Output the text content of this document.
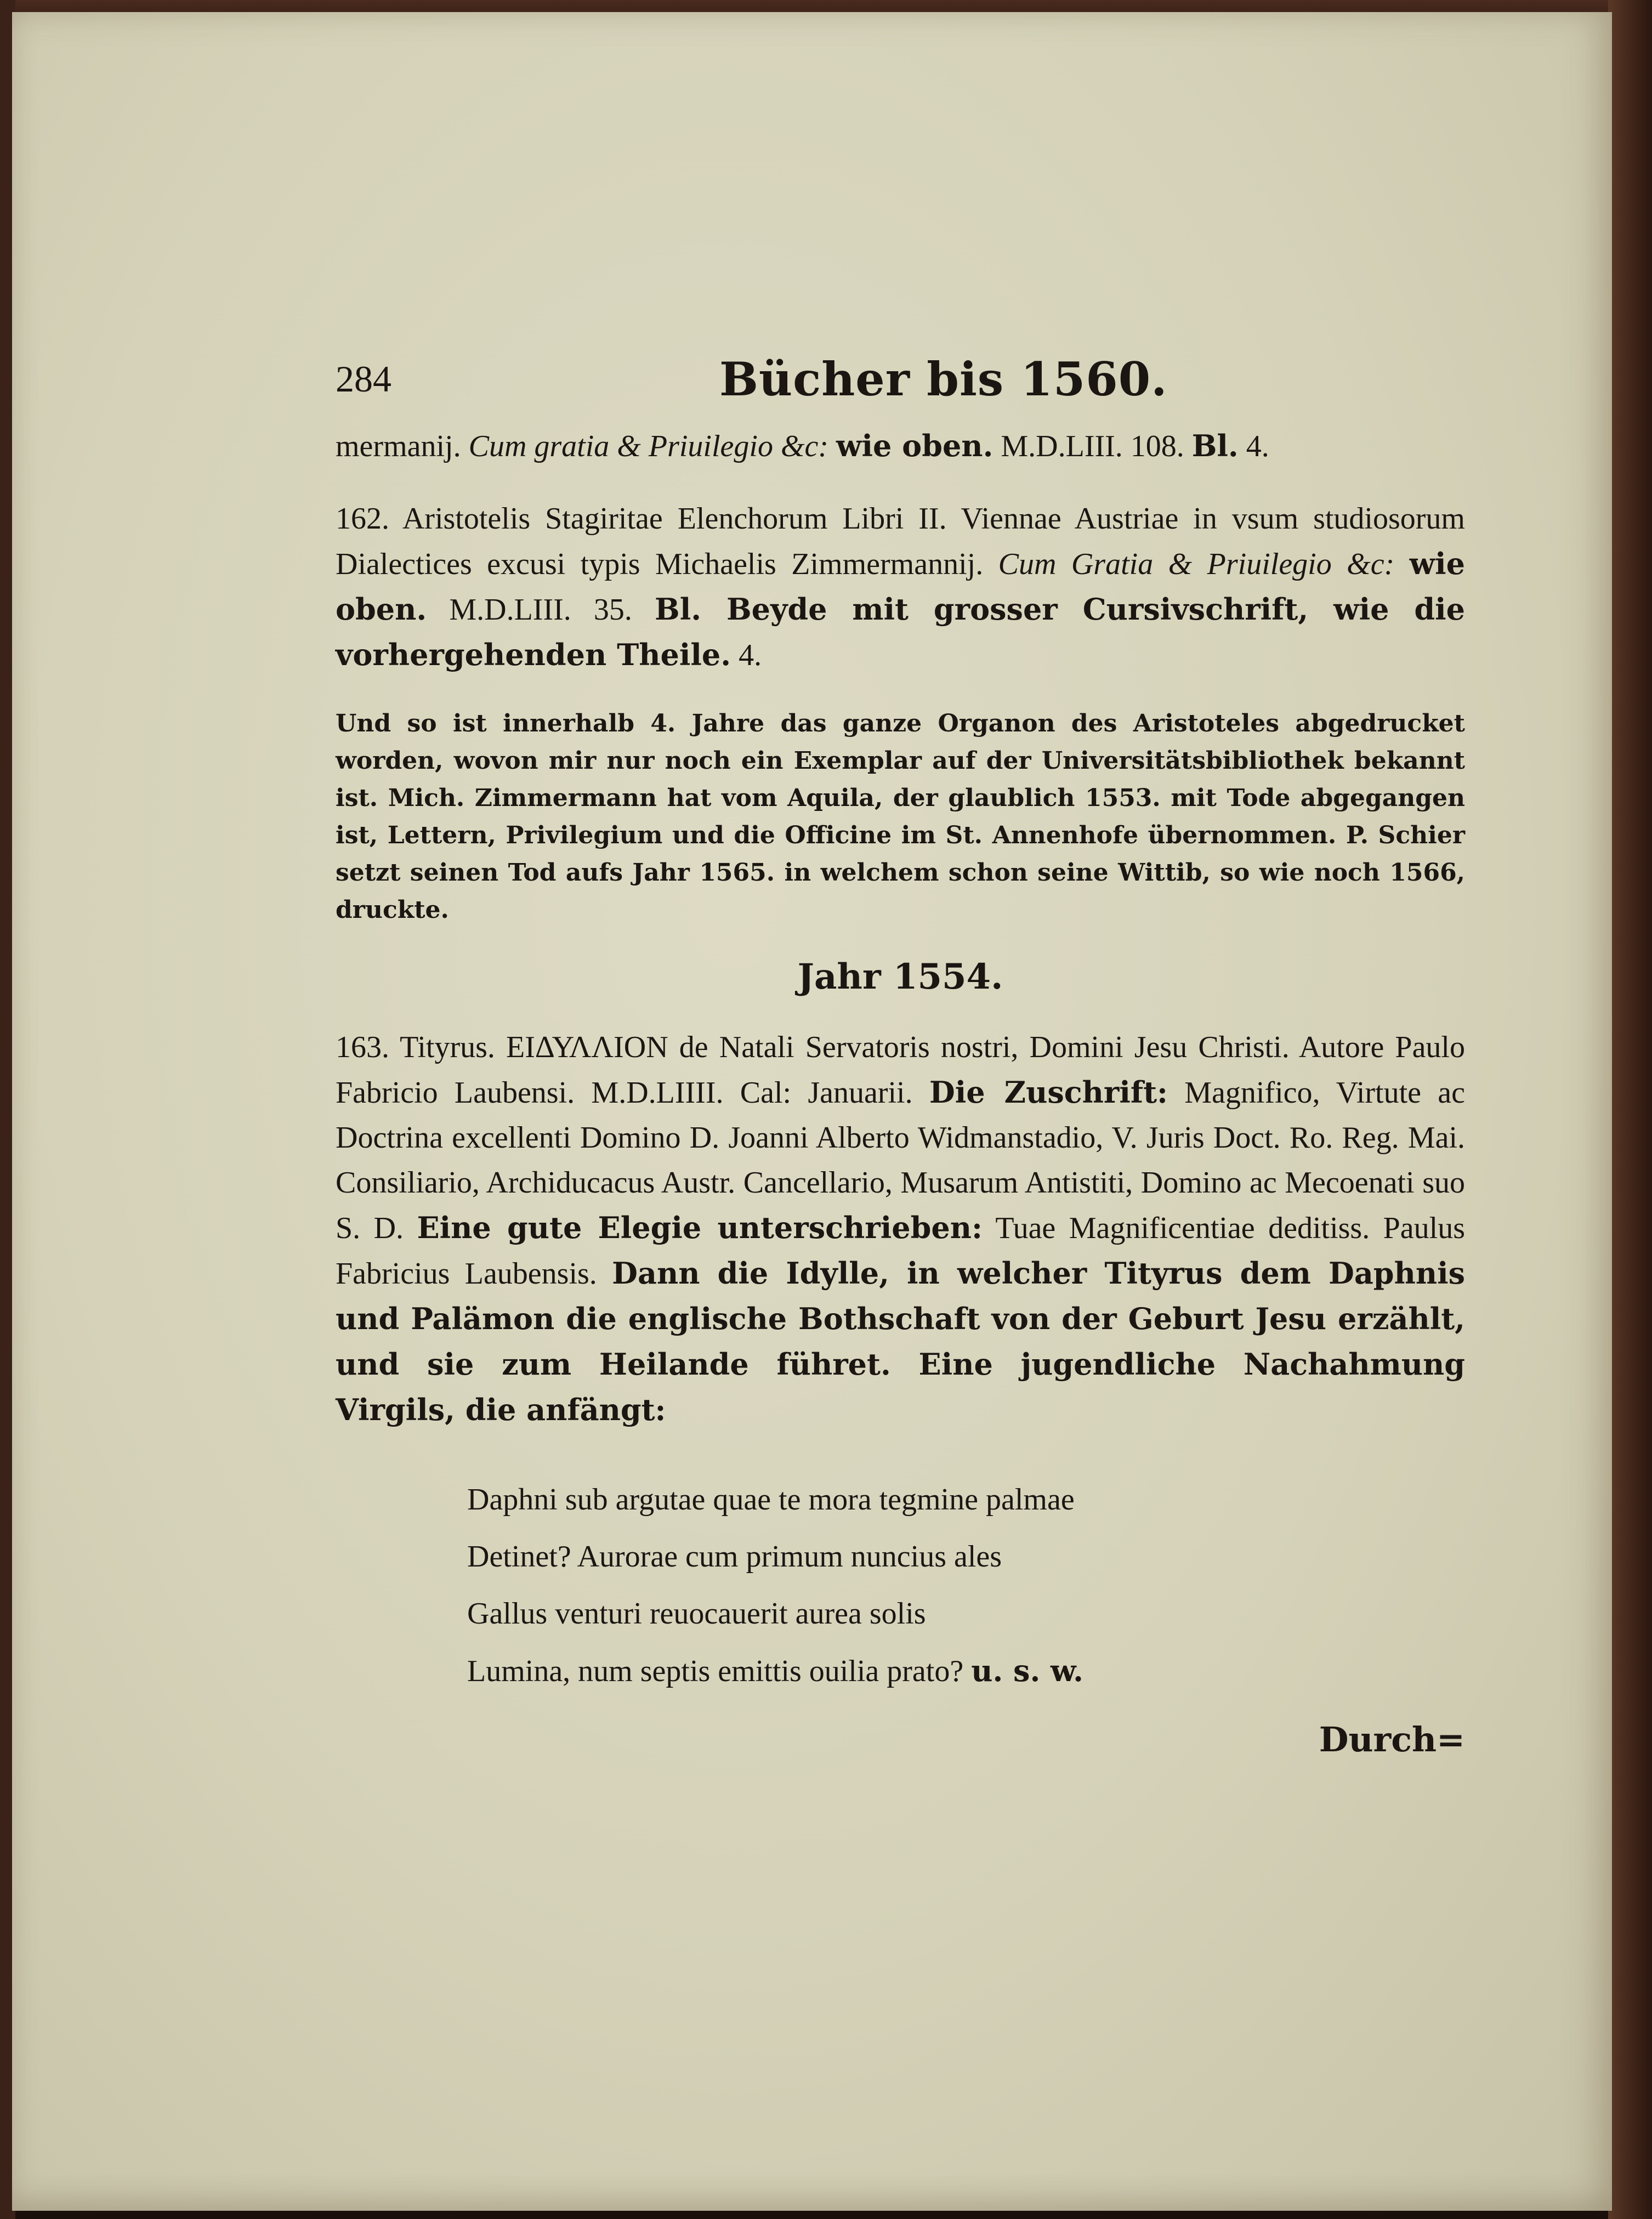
284	Bücher bis 1560.

mermanij. Cum gratia & Priuilegio &c: wie oben. M.D.LIII. 108. Bl. 4.

162. Aristotelis Stagiritae Elenchorum Libri II. Viennae Austriae in vsum studiosorum Dialectices excusi typis Michaelis Zimmermannij. Cum Gratia & Priuilegio &c: wie oben. M.D.LIII. 35. Bl. Beyde mit grosser Cursivschrift, wie die vorhergehenden Theile. 4.

Und so ist innerhalb 4. Jahre das ganze Organon des Aristoteles abgedrucket worden, wovon mir nur noch ein Exemplar auf der Universitätsbibliothek bekannt ist. Mich. Zimmermann hat vom Aquila, der glaublich 1553. mit Tode abgegangen ist, Lettern, Privilegium und die Officine im St. Annenhofe übernommen. P. Schier setzt seinen Tod aufs Jahr 1565. in welchem schon seine Wittib, so wie noch 1566, druckte.

Jahr 1554.

163. Tityrus. ΕΙΔΥΛΛΙΟΝ de Natali Servatoris nostri, Domini Jesu Christi. Autore Paulo Fabricio Laubensi. M.D.LIIII. Cal: Januarii. Die Zuschrift: Magnifico, Virtute ac Doctrina excellenti Domino D. Joanni Alberto Widmanstadio, V. Juris Doct. Ro. Reg. Mai. Consiliario, Archiducacus Austr. Cancellario, Musarum Antistiti, Domino ac Mecoenati suo S. D. Eine gute Elegie unterschrieben: Tuae Magnificentiae deditiss. Paulus Fabricius Laubensis. Dann die Idylle, in welcher Tityrus dem Daphnis und Palämon die englische Bothschaft von der Geburt Jesu erzählt, und sie zum Heilande führet. Eine jugendliche Nachahmung Virgils, die anfängt:

Daphni sub argutae quae te mora tegmine palmae

Detinet? Aurorae cum primum nuncius ales

Gallus venturi reuocauerit aurea solis

Lumina, num septis emittis ouilia prato? u. s. w.

Durch=
